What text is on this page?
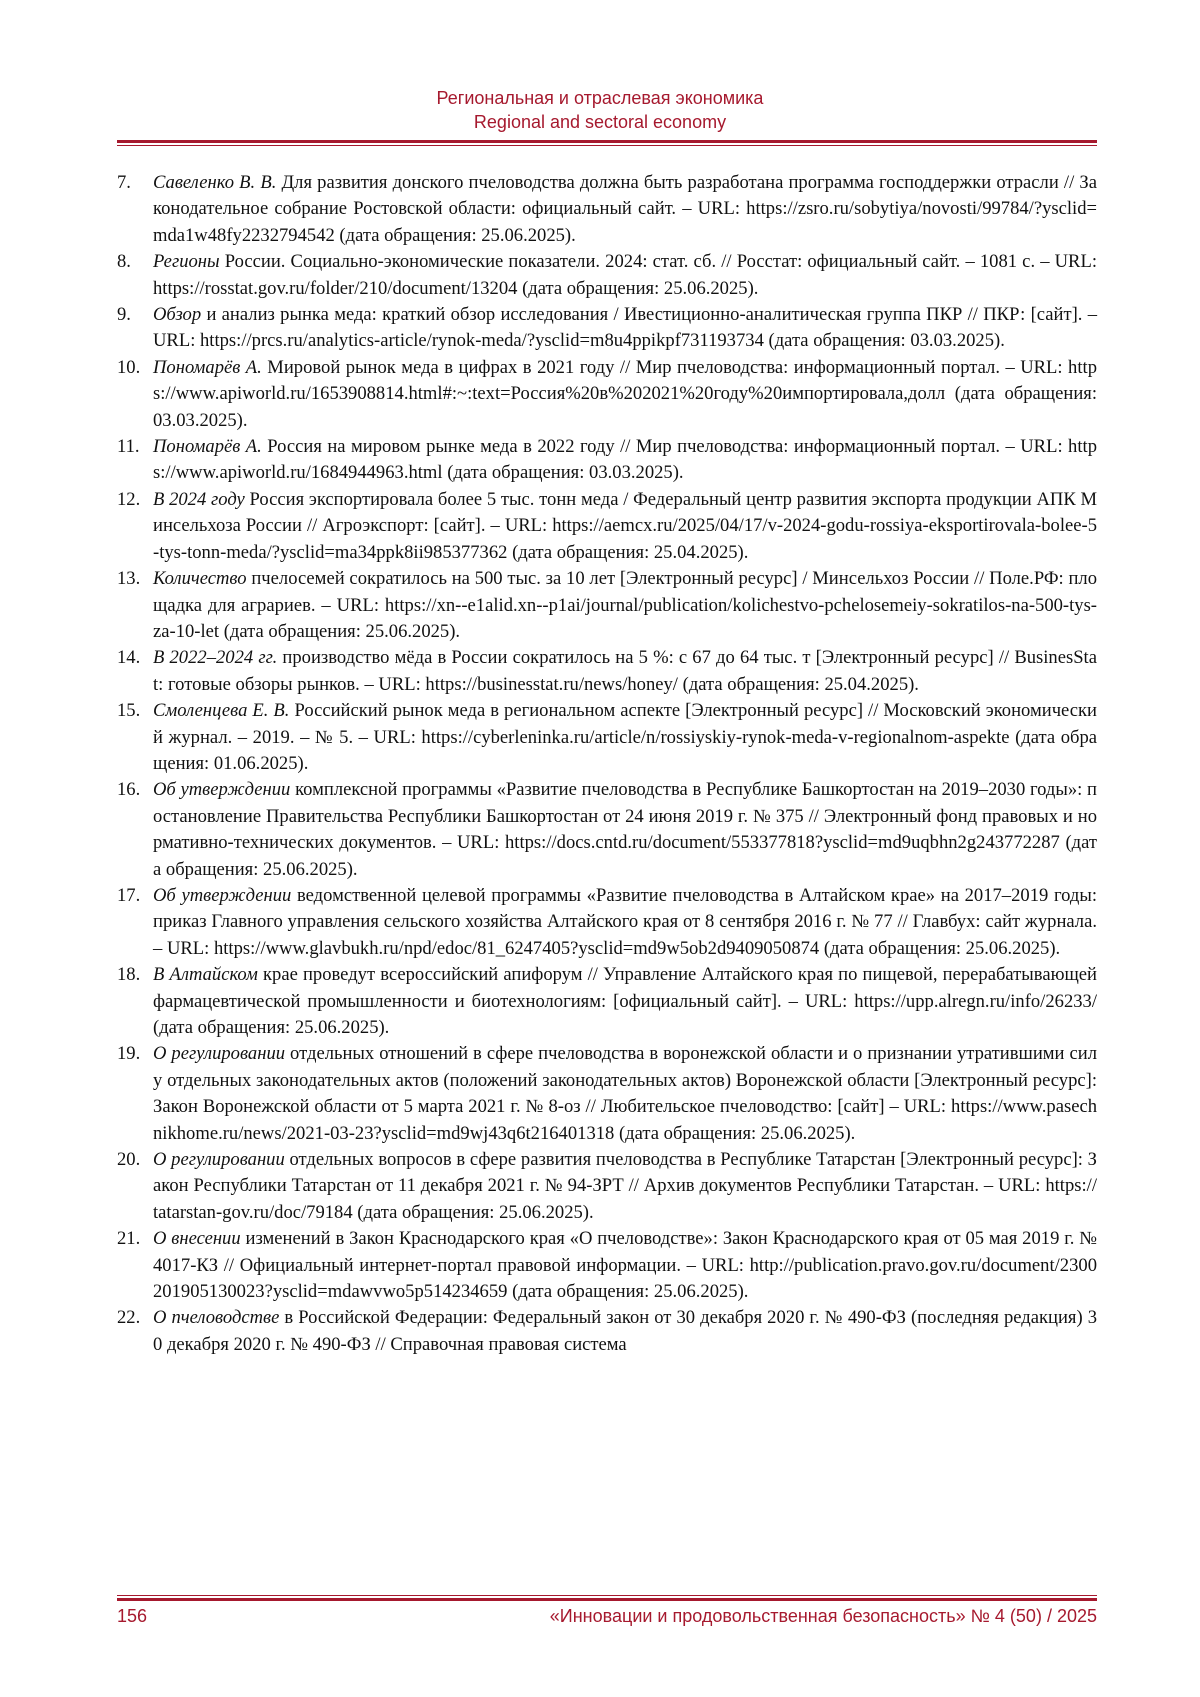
Региональная и отраслевая экономика
Regional and sectoral economy
7. Савеленко В. В. Для развития донского пчеловодства должна быть разработана программа господдержки отрасли // Законодательное собрание Ростовской области: официальный сайт. – URL: https://zsro.ru/sobytiya/novosti/99784/?ysclid=mda1w48fy2232794542 (дата обращения: 25.06.2025).
8. Регионы России. Социально-экономические показатели. 2024: стат. сб. // Росстат: официальный сайт. – 1081 с. – URL: https://rosstat.gov.ru/folder/210/document/13204 (дата обращения: 25.06.2025).
9. Обзор и анализ рынка меда: краткий обзор исследования / Ивестиционно-аналитическая группа ПКР // ПКР: [сайт]. – URL: https://prcs.ru/analytics-article/rynok-meda/?ysclid=m8u4ppikpf731193734 (дата обращения: 03.03.2025).
10. Пономарёв А. Мировой рынок меда в цифрах в 2021 году // Мир пчеловодства: информационный портал. – URL: https://www.apiworld.ru/1653908814.html#:~:text=Россия%20в%202021%20году%20импортировала,долл (дата обращения: 03.03.2025).
11. Пономарёв А. Россия на мировом рынке меда в 2022 году // Мир пчеловодства: информационный портал. – URL: https://www.apiworld.ru/1684944963.html (дата обращения: 03.03.2025).
12. В 2024 году Россия экспортировала более 5 тыс. тонн меда / Федеральный центр развития экспорта продукции АПК Минсельхоза России // Агроэкспорт: [сайт]. – URL: https://aemcx.ru/2025/04/17/v-2024-godu-rossiya-eksportirovala-bolee-5-tys-tonn-meda/?ysclid=ma34ppk8ii985377362 (дата обращения: 25.04.2025).
13. Количество пчелосемей сократилось на 500 тыс. за 10 лет [Электронный ресурс] / Минсельхоз России // Поле.РФ: площадка для аграриев. – URL: https://xn--e1alid.xn--p1ai/journal/publication/kolichestvo-pchelosemeiy-sokratilos-na-500-tys-za-10-let (дата обращения: 25.06.2025).
14. В 2022–2024 гг. производство мёда в России сократилось на 5 %: с 67 до 64 тыс. т [Электронный ресурс] // BusinesStat: готовые обзоры рынков. – URL: https://businesstat.ru/news/honey/ (дата обращения: 25.04.2025).
15. Смоленцева Е. В. Российский рынок меда в региональном аспекте [Электронный ресурс] // Московский экономический журнал. – 2019. – № 5. – URL: https://cyberleninka.ru/article/n/rossiyskiy-rynok-meda-v-regionalnom-aspekte (дата обращения: 01.06.2025).
16. Об утверждении комплексной программы «Развитие пчеловодства в Республике Башкортостан на 2019–2030 годы»: постановление Правительства Республики Башкортостан от 24 июня 2019 г. № 375 // Электронный фонд правовых и нормативно-технических документов. – URL: https://docs.cntd.ru/document/553377818?ysclid=md9uqbhn2g243772287 (дата обращения: 25.06.2025).
17. Об утверждении ведомственной целевой программы «Развитие пчеловодства в Алтайском крае» на 2017–2019 годы: приказ Главного управления сельского хозяйства Алтайского края от 8 сентября 2016 г. № 77 // Главбух: сайт журнала. – URL: https://www.glavbukh.ru/npd/edoc/81_6247405?ysclid=md9w5ob2d9409050874 (дата обращения: 25.06.2025).
18. В Алтайском крае проведут всероссийский апифорум // Управление Алтайского края по пищевой, перерабатывающей фармацевтической промышленности и биотехнологиям: [официальный сайт]. – URL: https://upp.alregn.ru/info/26233/ (дата обращения: 25.06.2025).
19. О регулировании отдельных отношений в сфере пчеловодства в воронежской области и о признании утратившими силу отдельных законодательных актов (положений законодательных актов) Воронежской области [Электронный ресурс]: Закон Воронежской области от 5 марта 2021 г. № 8-оз // Любительское пчеловодство: [сайт] – URL: https://www.pasechnikhome.ru/news/2021-03-23?ysclid=md9wj43q6t216401318 (дата обращения: 25.06.2025).
20. О регулировании отдельных вопросов в сфере развития пчеловодства в Республике Татарстан [Электронный ресурс]: Закон Республики Татарстан от 11 декабря 2021 г. № 94-ЗРТ // Архив документов Республики Татарстан. – URL: https://tatarstan-gov.ru/doc/79184 (дата обращения: 25.06.2025).
21. О внесении изменений в Закон Краснодарского края «О пчеловодстве»: Закон Краснодарского края от 05 мая 2019 г. № 4017-КЗ // Официальный интернет-портал правовой информации. – URL: http://publication.pravo.gov.ru/document/2300201905130023?ysclid=mdawvwo5p514234659 (дата обращения: 25.06.2025).
22. О пчеловодстве в Российской Федерации: Федеральный закон от 30 декабря 2020 г. № 490-ФЗ (последняя редакция) 30 декабря 2020 г. № 490-ФЗ // Справочная правовая система
156	«Инновации и продовольственная безопасность» № 4 (50) / 2025
